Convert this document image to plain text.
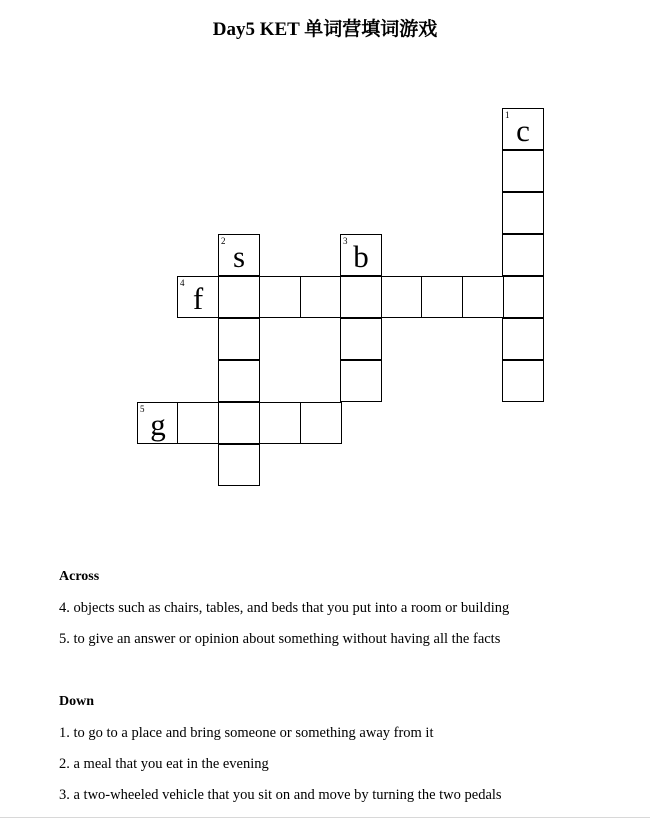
Day5 KET 单词营填词游戏
1 c
2 s	3 b
4 f
5 g
Across
4. objects such as chairs, tables, and beds that you put into a room or building
5. to give an answer or opinion about something without having all the facts
Down
1. to go to a place and bring someone or something away from it
2. a meal that you eat in the evening
3. a two-wheeled vehicle that you sit on and move by turning the two pedals
